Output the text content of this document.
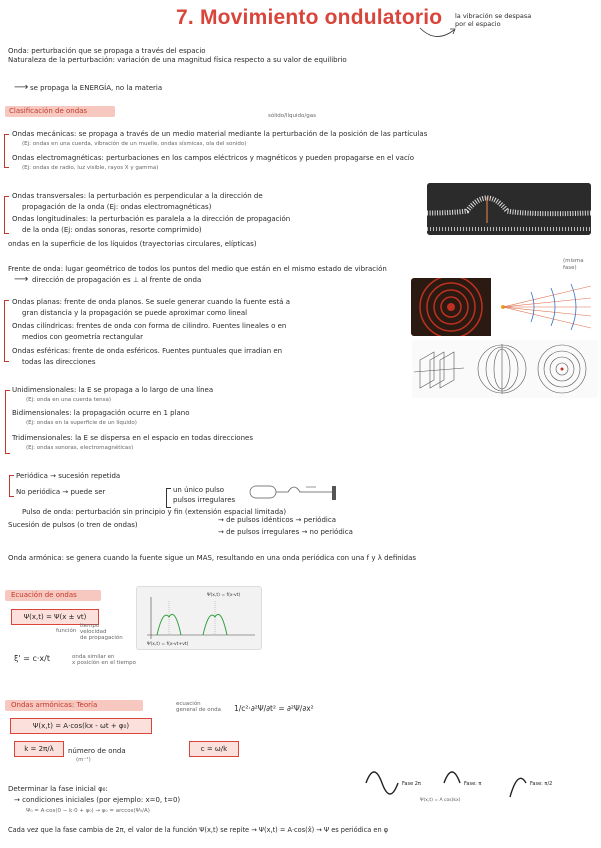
7. Movimiento ondulatorio la vibración se despasa
por el espacio
Onda: perturbación que se propaga a través del espacio
Naturaleza de la perturbación: variación de una magnitud física respecto a su valor de equilibrio
se propaga la ENERGÍA, no la materia
⟶
Clasificación de ondas
sólido/líquido/gas
Ondas mecánicas: se propaga a través de un medio material mediante la perturbación de la posición de las partículas
(Ej: ondas en una cuerda, vibración de un muelle, ondas sísmicas, ola del sonido)
Ondas electromagnéticas: perturbaciones en los campos eléctricos y magnéticos y pueden propagarse en el vacío
(Ej: ondas de radio, luz visible, rayos X y gamma)
Ondas transversales: la perturbación es perpendicular a la dirección de
propagación de la onda (Ej: ondas electromagnéticas)
Ondas longitudinales: la perturbación es paralela a la dirección de propagación
de la onda (Ej: ondas sonoras, resorte comprimido)
ondas en la superficie de los líquidos (trayectorias circulares, elípticas)
Frente de onda: lugar geométrico de todos los puntos del medio que están en el mismo estado de vibración
dirección de propagación es ⊥ al frente de onda
⟶
(misma fase)
Ondas planas: frente de onda planos. Se suele generar cuando la fuente está a
gran distancia y la propagación se puede aproximar como lineal
Ondas cilíndricas: frentes de onda con forma de cilindro. Fuentes lineales o en
medios con geometría rectangular
Ondas esféricas: frente de onda esféricos. Fuentes puntuales que irradian en
todas las direcciones
Unidimensionales: la E se propaga a lo largo de una línea
(Ej: onda en una cuerda tensa)
Bidimensionales: la propagación ocurre en 1 plano
(Ej: ondas en la superficie de un líquido)
Tridimensionales: la E se dispersa en el espacio en todas direcciones
(Ej: ondas sonoras, electromagnéticas)
Periódica → sucesión repetida
No periódica → puede ser	un único pulso
pulsos irregulares
Pulso de onda: perturbación sin principio y fin (extensión espacial limitada)
Sucesión de pulsos (o tren de ondas)
→ de pulsos idénticos → periódica
→ de pulsos irregulares → no periódica
Onda armónica: se genera cuando la fuente sigue un MAS, resultando en una onda periódica con una f y λ definidas
Ecuación de ondas
Ψ(x,t) = Ψ(x ± vt)
función
tiempo
velocidad
de propagación
ξ' = c·x/t	onda similar en
x posición en el tiempo
Ψ(x,t) = f(x-vt)
Ψ(x,t) = f(x-vt+vt)
Ondas armónicas: Teoría	ecuación
general de onda 1/c²·∂²Ψ/∂t² = ∂²Ψ/∂x²
Ψ(x,t) = A·cos(kx - ωt + φ₀)
k = 2π/λ	número de onda
(m⁻¹)
c = ω/k
Fase 2π	Fase: π	Fase: π/2
Ψ(x,t) = A cos(kx)
Determinar la fase inicial φ₀:
→ condiciones iniciales (por ejemplo: x=0, t=0)
Ψ₀ = A·cos(0 − k·0 + φ₀) → φ₀ = arccos(Ψ₀/A)
Cada vez que la fase cambia de 2π, el valor de la función Ψ(x,t) se repite → Ψ(x,t) = A·cos(x̂) → Ψ es periódica en φ
